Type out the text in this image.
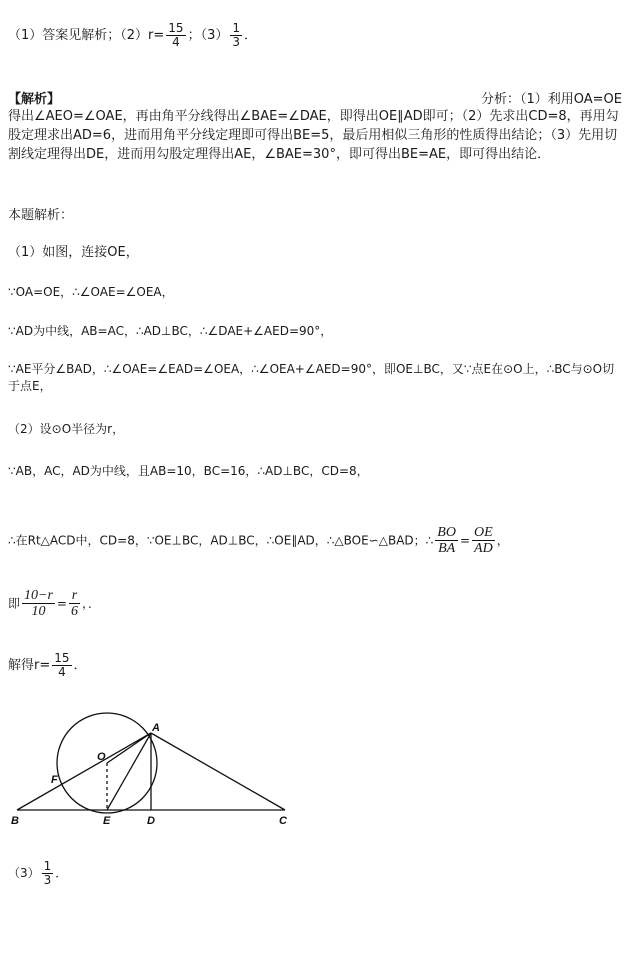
（1）答案见解析；$(2)r= \frac{15}{4}$ ；$(3) \frac{1}{3}$ ．
【解析】	分析：（1）利用OA=OE
得出∠AEO=∠OAE，再由角平分线得出∠BAE=∠DAE，即得出OE∥AD即可；（2）先求出CD=8，再用勾股定理求出AD=6，进而用角平分线定理即可得出BE=5，最后用相似三角形的性质得出结论；（3）先用切割线定理得出DE，进而用勾股定理得出AE，∠BAE=30°，即可得出BE=AE，即可得出结论．
本题解析：
（1）如图，连接OE，
∵OA=OE，∴∠OAE=∠OEA，
∵AD为中线，AB=AC，∴AD⊥BC，∴∠DAE+∠AED=90°，
∵AE平分∠BAD，∴∠OAE=∠EAD=∠OEA，∴∠OEA+∠AED=90°，即OE⊥BC，又∵点E在⊙O上，∴BC与⊙O切于点E，
（2）设⊙O半径为r，
∵AB，AC，AD为中线，且AB=10，BC=16，∴AD⊥BC，CD=8，
∴在Rt△ACD中，CD=8，∵OE⊥BC，AD⊥BC，∴OE∥AD，∴△BOE∽△BAD；∴ $\frac{BO}{BA} = \frac{OE}{AD}$ ，
即 $\frac{10-r}{10} = \frac{r}{6}$ ，．
解得$r= \frac{15}{4}$ ．
O
A
F
B	E	D	C
$(3) \frac{1}{3}$ ．
